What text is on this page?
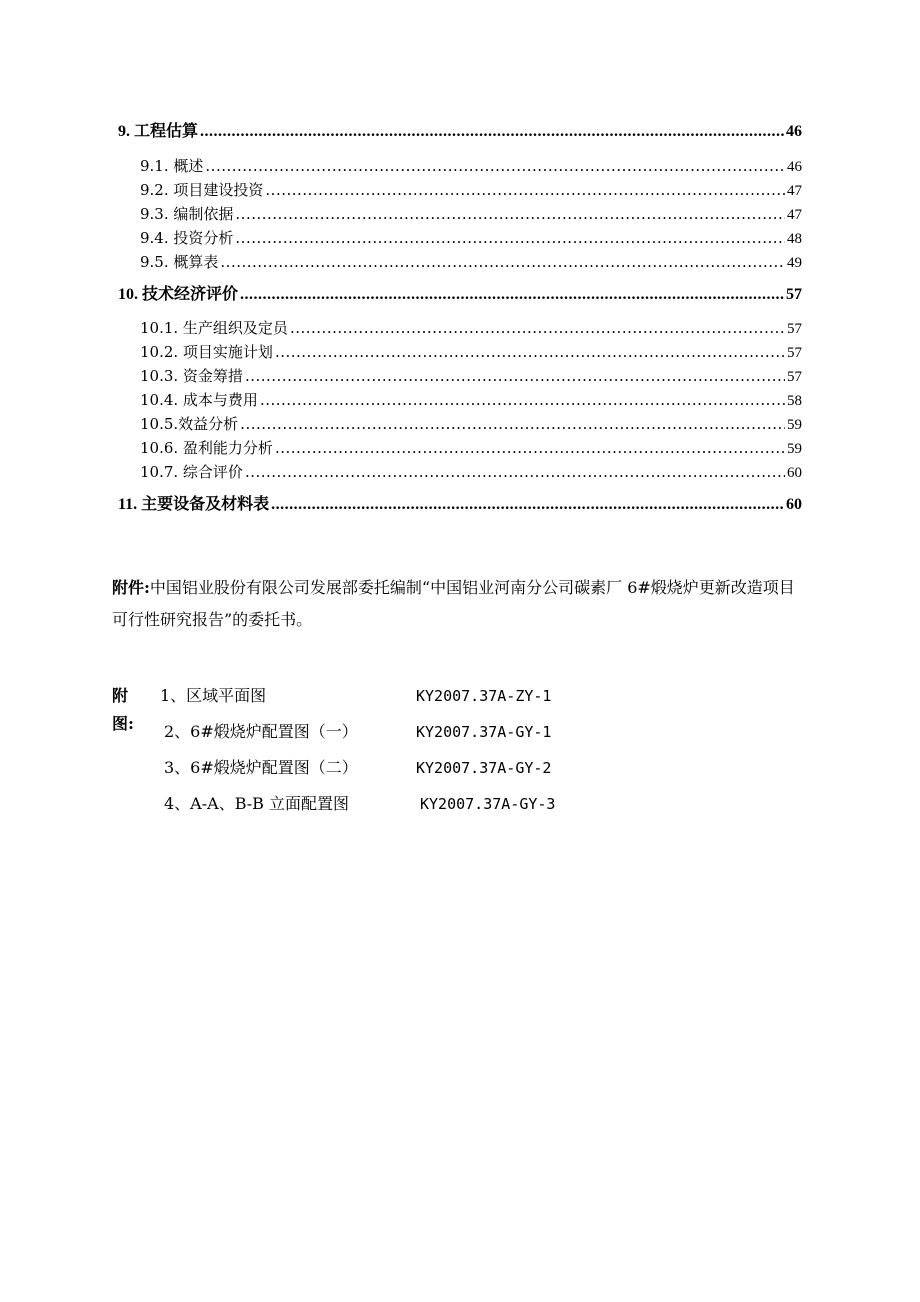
9. 工程估算 .....	46
9.1. 概述 .....	46
9.2. 项目建设投资 .....	47
9.3. 编制依据 .....	47
9.4. 投资分析 .....	48
9.5. 概算表 .....	49
10. 技术经济评价 .....	57
10.1. 生产组织及定员 .....	57
10.2. 项目实施计划 .....	57
10.3. 资金筹措 .....	57
10.4. 成本与费用 .....	58
10.5.效益分析 .....	59
10.6. 盈利能力分析 .....	59
10.7. 综合评价 .....	60
11. 主要设备及材料表 .....	60
附件:中国铝业股份有限公司发展部委托编制“中国铝业河南分公司碳素厂 6#煅烧炉更新改造项目可行性研究报告”的委托书。
附图:
1、区域平面图	KY2007.37A-ZY-1
2、6#煅烧炉配置图（一）	KY2007.37A-GY-1
3、6#煅烧炉配置图（二）	KY2007.37A-GY-2
4、A-A、B-B 立面配置图	KY2007.37A-GY-3
